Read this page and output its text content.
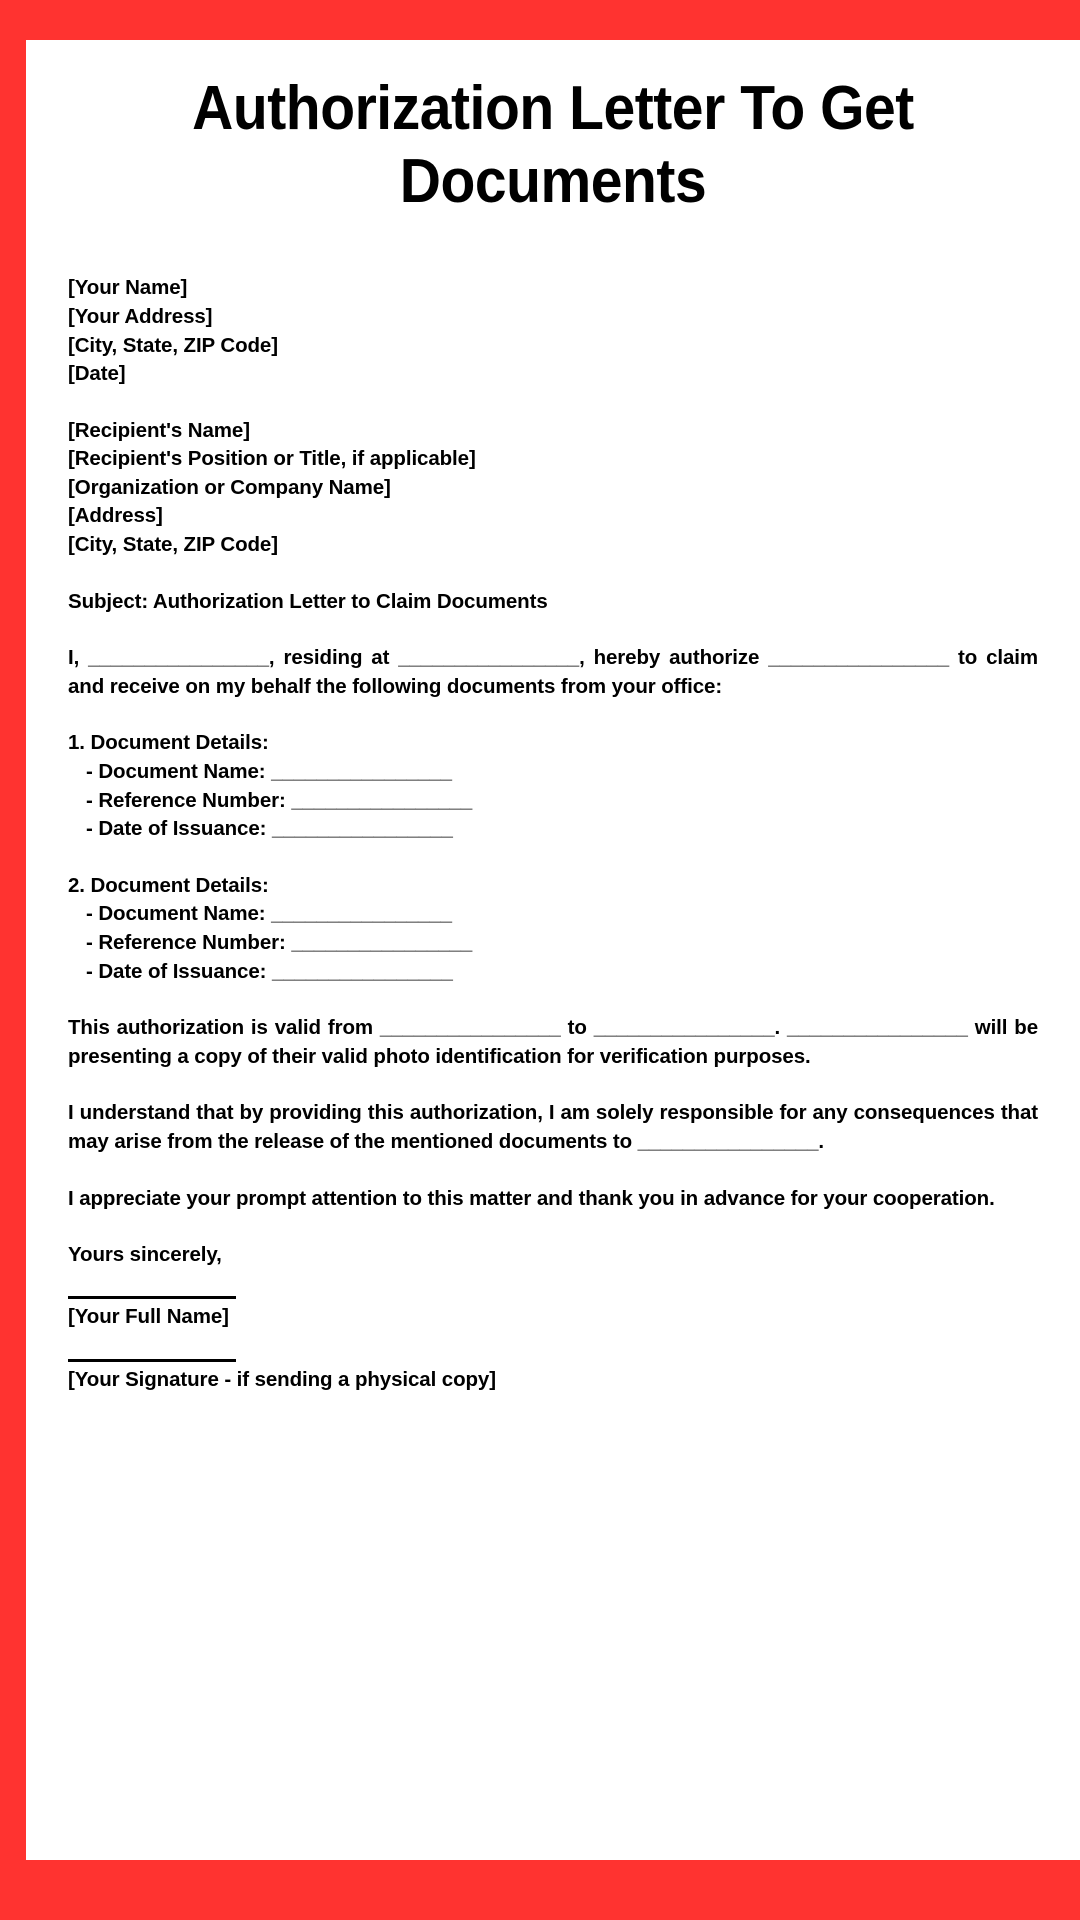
Authorization Letter To Get Documents
[Your Name]
[Your Address]
[City, State, ZIP Code]
[Date]
[Recipient's Name]
[Recipient's Position or Title, if applicable]
[Organization or Company Name]
[Address]
[City, State, ZIP Code]
Subject: Authorization Letter to Claim Documents

I, ________________, residing at ________________, hereby authorize ________________ to claim and receive on my behalf the following documents from your office:

1. Document Details:
- Document Name: ________________
- Reference Number: ________________
- Date of Issuance: ________________
2. Document Details:
- Document Name: ________________
- Reference Number: ________________
- Date of Issuance: ________________

This authorization is valid from ________________ to ________________. ________________ will be presenting a copy of their valid photo identification for verification purposes.

I understand that by providing this authorization, I am solely responsible for any consequences that may arise from the release of the mentioned documents to ________________.

I appreciate your prompt attention to this matter and thank you in advance for your cooperation.

Yours sincerely,
[Your Full Name]
[Your Signature - if sending a physical copy]
